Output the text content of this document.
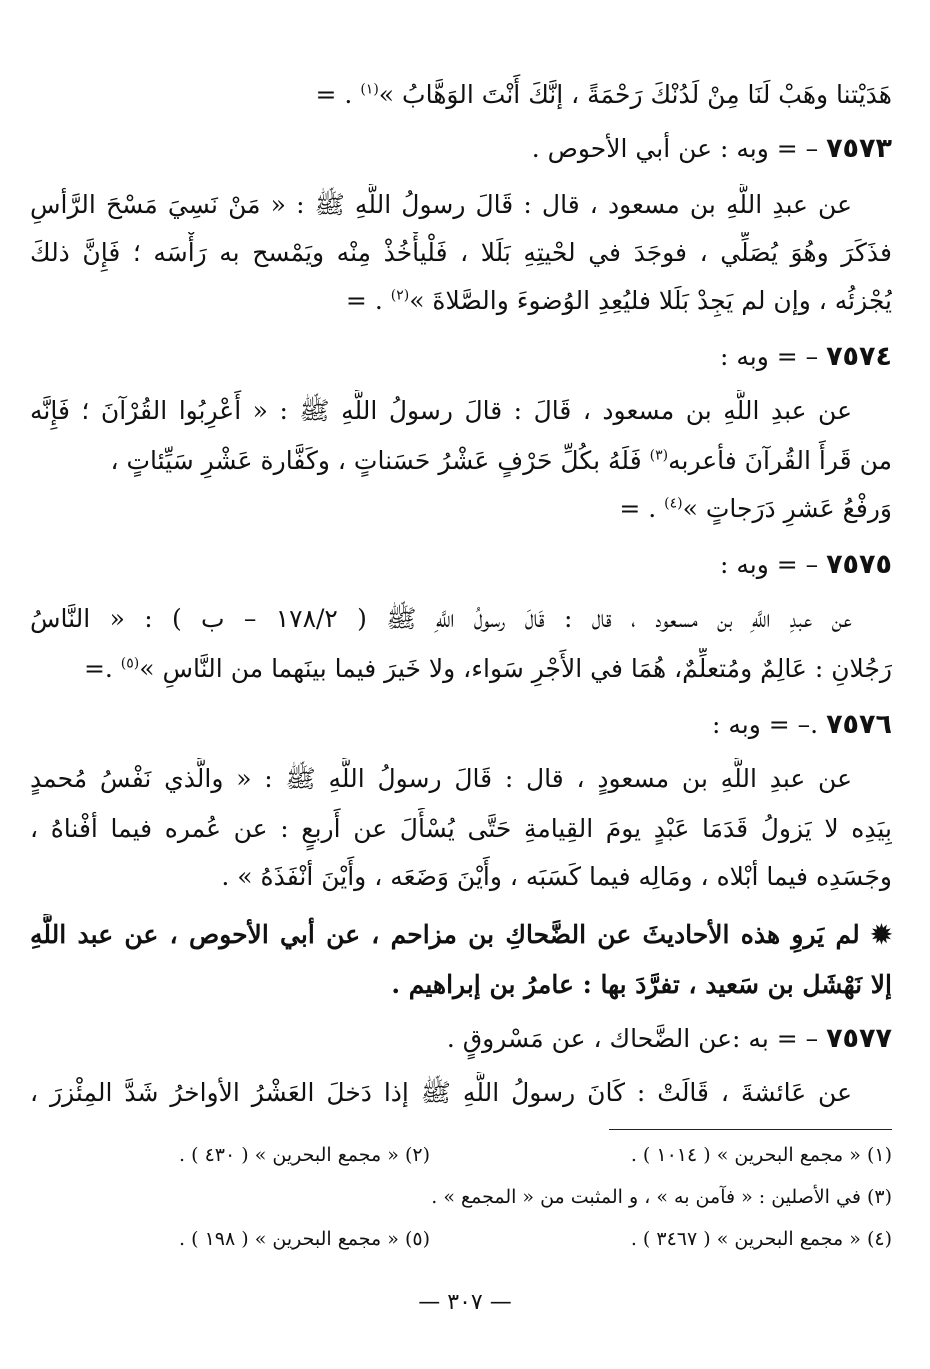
هَدَيْتنا وهَبْ لَنَا مِنْ لَدُنْكَ رَحْمَةً ، إنَّكَ أَنْتَ الوَهَّابُ »$^{(١)}$ . =
٧٥٧٣ – = وبه : عن أبي الأحوص .
عن عبدِ اللَّهِ بن مسعود ، قال : قَالَ رسولُ اللَّهِ ﷺ : « مَنْ نَسِيَ مَسْحَ الرَّأسِ
فذَكَرَ وهُوَ يُصَلِّي ، فوجَدَ في لحْيتِهِ بَلَلا ، فَلْيأْخُذْ مِنْه ويَمْسح به رَأْسَه ؛ فَإِنَّ ذلكَ
يُجْزئُه ، وإن لم يَجِدْ بَلَلا فليُعِدِ الوُضوءَ والصَّلاةَ »$^{(٢)}$ . =
٧٥٧٤ – = وبه :
عن عبدِ اللَّهِ بن مسعود ، قَالَ : قالَ رسولُ اللَّهِ ﷺ : « أَعْرِبُوا القُرْآنَ ؛ فَإِنَّه
من قَرأَ القُرآنَ فأعربه$^{(٣)}$ فَلَهُ بكُلِّ حَرْفٍ عَشْرُ حَسَناتٍ ، وكَفَّارة عَشْرِ سَيِّئاتٍ ،
وَرفْعُ عَشرِ دَرَجاتٍ »$^{(٤)}$ . =
٧٥٧٥ – = وبه :
عن عبدِ اللَّهِ بن مسعود ، قال : قَالَ رسولُ اللَّهِ ﷺ ( ١٧٨/٢ – ب ) : « النَّاسُ
رَجُلانِ : عَالِمٌ ومُتعلِّمٌ، هُمَا في الأَجْرِ سَواء، ولا خَيرَ فيما بينَهما من النَّاسِ »$^{(٥)}$ .=
٧٥٧٦ .– = وبه :
عن عبدِ اللَّهِ بن مسعودٍ ، قال : قَالَ رسولُ اللَّهِ ﷺ : « والَّذي نَفْسُ مُحمدٍ
بِيَدِه لا يَزولُ قَدَمَا عَبْدٍ يومَ القِيامةِ حَتَّى يُسْأَلَ عن أَربعٍ : عن عُمره فيما أفْناهُ ،
وجَسَدِه فيما أبْلاه ، ومَالِه فيما كَسَبَه ، وأَيْنَ وَضَعَه ، وأَيْنَ أنْفَذَهُ » .
✹ لم يَروِ هذه الأحاديثَ عن الضَّحاكِ بن مزاحم ، عن أبي الأحوص ، عن عبد اللَّهِ
إلا نَهْشَل بن سَعيد ، تفرَّدَ بها : عامرُ بن إبراهيم .
٧٥٧٧ – = به :عن الضَّحاك ، عن مَسْروقٍ .
عن عَائشةَ ، قَالَتْ : كَانَ رسولُ اللَّهِ ﷺ إذا دَخلَ العَشْرُ الأواخرُ شَدَّ المِئْزرَ ،
(١) « مجمع البحرين » ( ١٠١٤ ) .
(٢) « مجمع البحرين » ( ٤٣٠ ) .
(٣) في الأصلين : « فآمن به » ، و المثبت من « المجمع » .
(٤) « مجمع البحرين » ( ٣٤٦٧ ) .
(٥) « مجمع البحرين » ( ١٩٨ ) .
— ٣٠٧ —
